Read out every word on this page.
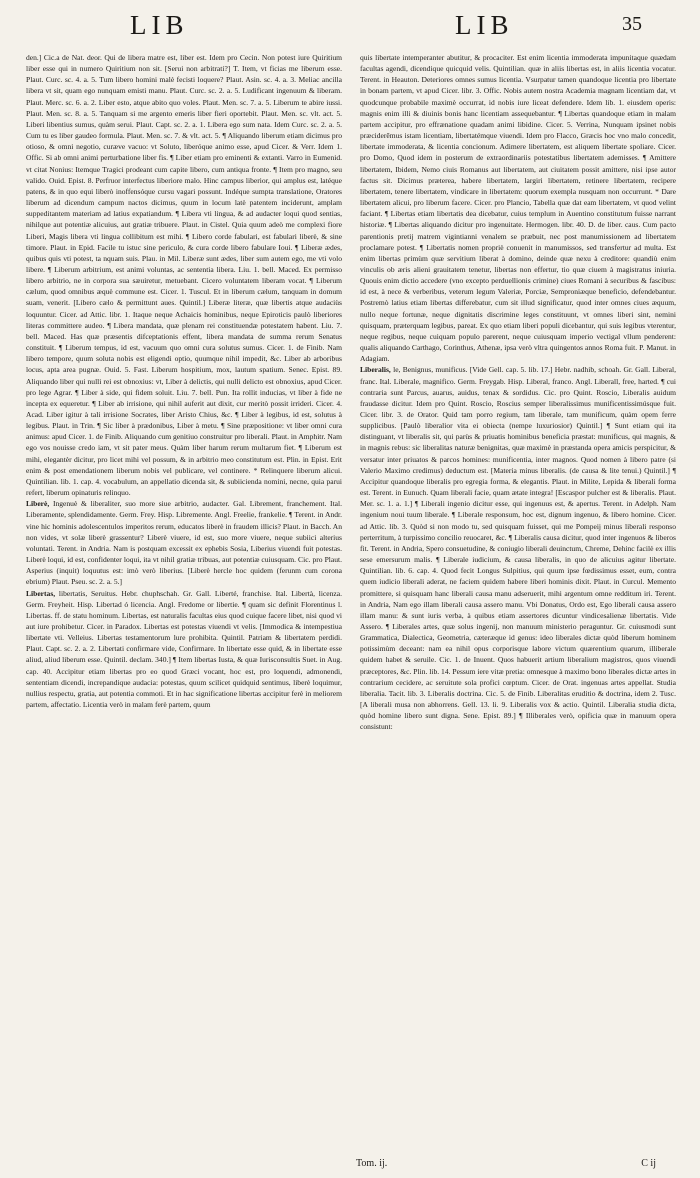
LIB	LIB	35

den.] Cic.a de Nat. deor. Qui de libera matre est, liber est. Idem pro Cecin. Non potest iure Quiritium liber esse qui in numero Quiritium non sit. [Serui non arbitrati?] T. Item, vt ficias me liberum esse. Plaut. Curc. sc. 4. a. 5. Tum libero homini malè fecisti loquere? Plaut. Asin. sc. 4. a. 3. Meliac ancilla libera vt sit, quam ego nunquam emisti manu. Plaut. Curc. sc. 2. a. 5. Ludificant ingenuum & liberam. Plaut. Merc. sc. 6. a. 2. Liber esto, atque abito quo voles. Plaut. Men. sc. 7. a. 5. Liberum te abire iussi. Plaut. Men. sc. 8. a. 5. Tanquam si me argento emeris liber fieri oportebit. Plaut. Men. sc. vlt. act. 5. Liberi libentius sumus, quàm serui. Plaut. Capt. sc. 2. a. 1. Libera ego sum nata. Idem Curc. sc. 2. a. 5. Cum tu es liber gaudeo formula. Plaut. Men. sc. 7. & vlt. act. 5. ¶ Aliquando liberum etiam dicimus pro otioso, & omni negotio, curæve vacuo: vt Soluto, liberóque animo esse, apud Cicer. & Verr. Idem 1. Offic. Si ab omni animi perturbatione liber fis. ¶ Liber etiam pro eminenti & extanti. Varro in Eumenid. vt citat Nonius: Itemque Tragici prodeant cum capite libero, cum antiqua fronte. ¶ Item pro magno, seu valido. Ouid. Epist. 8. Perfruor interfectus liberiore malo. Hinc campus liberior, qui amplus est, latéque patens, & in quo equi liberò inoffensóque cursu vagari possunt. Indéque sumpta translatione, Oratores liberum ad dicendum campum nactos dicimus, quum in locum latè patentem inciderunt, amplam suppeditantem materiam ad latius expatiandum. ¶ Libera vti lingua, & ad audacter loqui quod sentias, nihilque aut potentiæ alicuius, aut gratiæ tribuere. Plaut. in Cistel. Quia quum adeò me complexi fiore Liberi, Magis libera vti lingua collibitum est mihi. ¶ Libero corde fabulari, est fabulari liberè, & sine timore. Plaut. in Epid. Facile tu istuc sine periculo, & cura corde libero fabulare Ioui. ¶ Liberæ ædes, quibus quis vti potest, ta nquam suis. Plau. in Mil. Liberæ sunt ædes, liber sum autem ego, me vti volo libere. ¶ Liberum arbitrium, est animi voluntas, ac sententia libera. Liu. 1. bell. Maced. Ex permisso libero arbitrio, ne in corpora sua sæuiretur, metuebant. Cicero voluntatem liberam vocat. ¶ Liberum cælum, quod omnibus æquè commune est. Cicer. 1. Tuscul. Et in liberum cælum, tanquam in domum suam, venerit. [Libero cælo & permittunt aues. Quintil.] Liberæ literæ, quæ libertis atque audaciùs loquuntur. Cicer. ad Attic. libr. 1. Itaque neque Achaicis hominibus, neque Epiroticis paulò liberiores literas committere audeo. ¶ Libera mandata, quæ plenam rei constituendæ potestatem habent. Liu. 7. bell. Maced. Has quæ præsentis difceptationis effent, libera mandata de summa rerum Senatus constituit. ¶ Liberum tempus, id est, vacuum quo omni cura solutus sumus. Cicer. 1. de Finib. Nam libero tempore, quum soluta nobis est eligendi optio, quumque nihil impedit, &c. Liber ab arboribus locus, apta area pugnæ. Ouid. 5. Fast. Liberum hospitium, mox, lautum spatium. Senec. Epist. 89. Aliquando liber qui nulli rei est obnoxius: vt, Liber à delictis, qui nulli delicto est obnoxius, apud Cicer. pro lege Agrar. ¶ Liber à side, qui fidem soluit. Liu. 7. bell. Pun. Ita rollit inducias, vt liber à fide ne incepta ex equeretur. ¶ Liber ab irrisione, qui nihil auferit aut dixit, cur meritò possit irrideri. Cicer. 4. Acad. Liber igitur à tali irrisione Socrates, liber Aristo Chius, &c. ¶ Liber à legibus, id est, solutus à legibus. Plaut. in Trin. ¶ Sic liber à prædonibus, Liber à metu. ¶ Sine præpositione: vt liber omni cura animus: apud Cicer. 1. de Finib. Aliquando cum genitiuo construitur pro liberali. Plaut. in Amphitr. Nam ego vos nouisse credo iam, vt sit pater meus. Quàm liber harum rerum multarum fiet. ¶ Liberum est mihi, elegantèr dicitur, pro licet mihi vel possum, & in arbitrio meo constitutum est. Plin. in Epist. Erit enim & post emendationem liberum nobis vel publicare, vel continere. * Relinquere liberum alicui. Quintilian. lib. 1. cap. 4. vocabulum, an appellatio dicenda sit, & subiicienda nomini, necne, quia parui refert, liberum opinaturis relinquo.

Liberè, Ingenuè & liberaliter, suo more siue arbitrio, audacter. Gal. Librement, franchement. Ital. Liberamente, splendidamente. Germ. Frey. Hisp. Libremente. Angl. Freelie, frankelie. ¶ Terent. in Andr. vine hic hominis adolescentulos imperitos rerum, educatos liberè in fraudem illicis? Plaut. in Bacch. An non vides, vt solæ liberè grassentur? Liberè viuere, id est, suo more viuere, neque subiici alterius voluntati. Terent. in Andria. Nam is postquam excessit ex ephebis Sosia, Liberius viuendi fuit potestas. Liberè loqui, id est, confidenter loqui, ita vt nihil gratiæ tribuas, aut potentiæ cuiusquam. Cic. pro Plaut. Asperius (inquit) loquutus est: imò verò liberius. [Liberè hercle hoc quidem (ferunm cum corona ebrium) Plaut. Pseu. sc. 2. a. 5.]

Libertas, libertatis, Seruitus. Hebr. chuphschah. Gr. Gall. Liberté, franchise. Ital. Libertà, licenza. Germ. Freyheit. Hisp. Libertad ó licencia. Angl. Fredome or libertie. ¶ quam sic definit Florentinus l. Libertas. ff. de statu hominum. Libertas, est naturalis facultas eius quod cuique facere libet, nisi quod vi aut iure prohibetur. Cicer. in Paradox. Libertas est potestas viuendi vt velis. [Immodica & intempestiua libertate vti. Velleius. Libertas testamentorum lure prohibita. Quintil. Patriam & libertatem perdidi. Plaut. Capt. sc. 2. a. 2. Libertati confirmare vide, Confirmare. In libertate esse quid, & in libertate esse aliud, aliud liberum esse. Quintil. declam. 340.] ¶ Item libertas Iusta, & quæ Iurisconsultis Suet. in Aug. cap. 40. Accipitur etiam libertas pro eo quod Græci vocant, hoc est, pro loquendi, admonendi, sententiam dicendi, increpandique audacia: potestas, quum scilicet quidquid sentimus, liberè loquimur, nullius respectu, gratia, aut potentia commoti. Et in hac significatione libertas accipitur ferè in meliorem partem, affectatio. Licentia verò in malam ferè partem, quum

quis libertate intemperanter abutitur, & procaciter. Est enim licentia immoderata impunitaque quædam facultas agendi, dicendique quicquid velis. Quintilian. quæ in aliis libertas est, in aliis licentia vocatur. Terent. in Heauton. Deteriores omnes sumus licentia. Vsurpatur tamen quandoque licentia pro libertate in bonam partem, vt apud Cicer. libr. 3. Offic. Nobis autem nostra Academia magnam licentiam dat, vt quodcunque probabile maximè occurrat, id nobis iure liceat defendere. Idem lib. 1. eiusdem operis: magnis enim illi & diuinis bonis hanc licentiam assequebantur. ¶ Libertas quandoque etiam in malam partem accipitur, pro effrænatione quadam animi libidine. Cicer. 5. Verrina, Nunquam ipsinet nobis præciderēmus istam licentiam, libertatémque viuendi. Idem pro Flacco, Græcis hoc vno malo concedit, libertate immoderata, & licentia concionum. Adimere libertatem, est aliquem libertate spoliare. Cicer. pro Domo, Quod idem in posterum de extraordinariis potestatibus libertatem ademisses. ¶ Amittere libertatem, Ibidem, Nemo ciuis Romanus aut libertatem, aut ciuitatem possit amittere, nisi ipse autor factus sit. Dicimus præterea, habere libertatem, largiri libertatem, retinere libertatem, recipere libertatem, tenere libertatem, vindicare in libertatem: quorum exempla nusquam non occurrunt. * Dare libertatem alicui, pro liberum facere. Cicer. pro Plancio, Tabella quæ dat eam libertatem, vt quod velint faciant. ¶ Libertas etiam libertatis dea dicebatur, cuius templum in Auentino constitutum fuisse narrant historiæ. ¶ Libertas aliquando dicitur pro ingenuitate. Hermogen. libr. 40. D. de liber. caus. Cum pacto parentionis pretij matrem vigintianni venalem se præbuit, nec post manumissionem ad libertatem proclamare potest. ¶ Libertatis nomen propriè conuenit in manumissos, sed transfertur ad multa. Est enim libertas primùm quæ servitium liberat à domino, deinde quæ nexu à creditore: quandiù enim vinculis ob æris alieni grauitatem tenetur, libertas non effertur, tio quæ ciuem à magistratus iniuria. Quouis enim dictio accedere (vno excepto perduellionis crimine) ciues Romani à securibus & fascibus: id est, à nece & verberibus, veterum legum Valeriæ, Porciæ, Semproniæque beneficio, defendebantur. Postremò latius etiam libertas differebatur, cum sit illud significatur, quod inter omnes ciues æquum, nullo neque fortunæ, neque dignitatis discrimine leges constituunt, vt omnes liberi sint, nemini quisquam, præterquam legibus, pareat. Ex quo etiam liberi populi dicebantur, qui suis legibus vterentur, neque regibus, neque cuiquam populo parerent, neque cuiusquam imperio vectigal vllum penderent: qualis aliquando Carthago, Corinthus, Athenæ, ipsa verò vltra quingentos annos Roma fuit. P. Manut. in Adagiam.

Liberalis, le, Benignus, munificus. [Vide Gell. cap. 5. lib. 17.] Hebr. nadhib, schoah. Gr. Gall. Liberal, franc. Ital. Liberale, magnifico. Germ. Freygab. Hisp. Liberal, franco. Angl. Liberall, free, harted. ¶ cui contraria sunt Parcus, auarus, auidus, tenax & sordidus. Cic. pro Quint. Roscio, Liberalis auidum fraudasse dicitur. Idem pro Quint. Roscio, Roscius semper liberalissimus munificentissimúsque fuit. Cicer. libr. 3. de Orator. Quid tam porro regium, tam liberale, tam munificum, quàm opem ferre supplicibus. [Paulò liberalior vita ei obiecta (nempe luxuriosior) Quintil.] ¶ Sunt etiam qui ita distinguant, vt liberalis sit, qui parùs & priuatis hominibus beneficia præstat: munificus, qui magnis, & in magnis rebus: sic liberalitas naturæ benignitas, quæ maximè in præstanda opera amicis perspicitur, & versatur inter priuatos & parcos homines: munificentia, inter magnos. Quod nomen à libero patre (si Valerio Maximo credimus) deductum est. [Materia minus liberalis. (de causa & lite tenui.) Quintil.] ¶ Accipitur quandoque liberalis pro egregia forma, & elegantis. Plaut. in Milite, Lepida & liberali forma est. Terent. in Eunuch. Quam liberali facie, quam ætate integra! [Escaspor pulcher est & liberalis. Plaut. Mer. sc. 1. a. 1.] ¶ Liberali ingenio dicitur esse, qui ingenuus est, & apertus. Terent. in Adelph. Nam ingenium noui tuum liberale. ¶ Liberale responsum, hoc est, dignum ingenuo, & libero homine. Cicer. ad Attic. lib. 3. Quòd si non modo tu, sed quisquam fuisset, qui me Pompeij minus liberali responso perterritum, à turpissimo concilio reuocaret, &c. ¶ Liberalis causa dicitur, quod inter ingenuos & liberos fit. Terent. in Andria, Spero consuetudine, & coniugio liberali deuinctum, Chreme, Dehinc facilè ex illis sese emersurum malis. ¶ Liberale iudicium, & causa liberalis, in quo de alicuius agitur libertate. Quintilian. lib. 6. cap. 4. Quod fecit Longus Sulpitius, qui quum ipse fœdissimus esset, eum, contra quem iudicio liberali aderat, ne faciem quidem habere liberi hominis dixit. Plaut. in Curcul. Memento promittere, si quisquam hanc liberali causa manu adseruerit, mihi argentum omne redditum iri. Terent. in Andria, Nam ego illam liberali causa assero manu. Vbi Donatus, Ordo est, Ego liberali causa assero illam manu: & sunt iuris verba, à quibus etiam assertores dicuntur vindicesalienæ libertatis. Vide Assero. ¶ Liberales artes, quæ solus ingenij, non manuum ministerio peraguntur. Gr. cuiusmodi sunt Grammatica, Dialectica, Geometria, cæteræque id genus: ideo liberales dictæ quòd liberum hominem potissimùm deceant: nam ea nihil opus corporisque labore victum quærentium quarum, illiberale quidem habet & seruile. Cic. 1. de Inuent. Quos habuerit artium liberalium magistros, quos viuendi præceptores, &c. Plin. lib. 14. Pessum iere vitæ pretia: omnesque à maximo bono liberales dictæ artes in contrarium cecidere, ac seruitute sola profici cœptum. Cicer. de Orat. ingenuas artes appellat. Studia liberalia. Tacit. lib. 3. Liberalis doctrina. Cic. 5. de Finib. Liberalitas eruditio & doctrina, idem 2. Tusc. [A liberali musa non abhorrens. Gell. 13. li. 9. Liberalis vox & actio. Quintil. Liberalia studia dicta, quòd homine libero sunt digna. Sene. Epist. 89.] ¶ Illiberales verò, opificia quæ in manuum opera consistunt:

Tom. ij.	C ij
